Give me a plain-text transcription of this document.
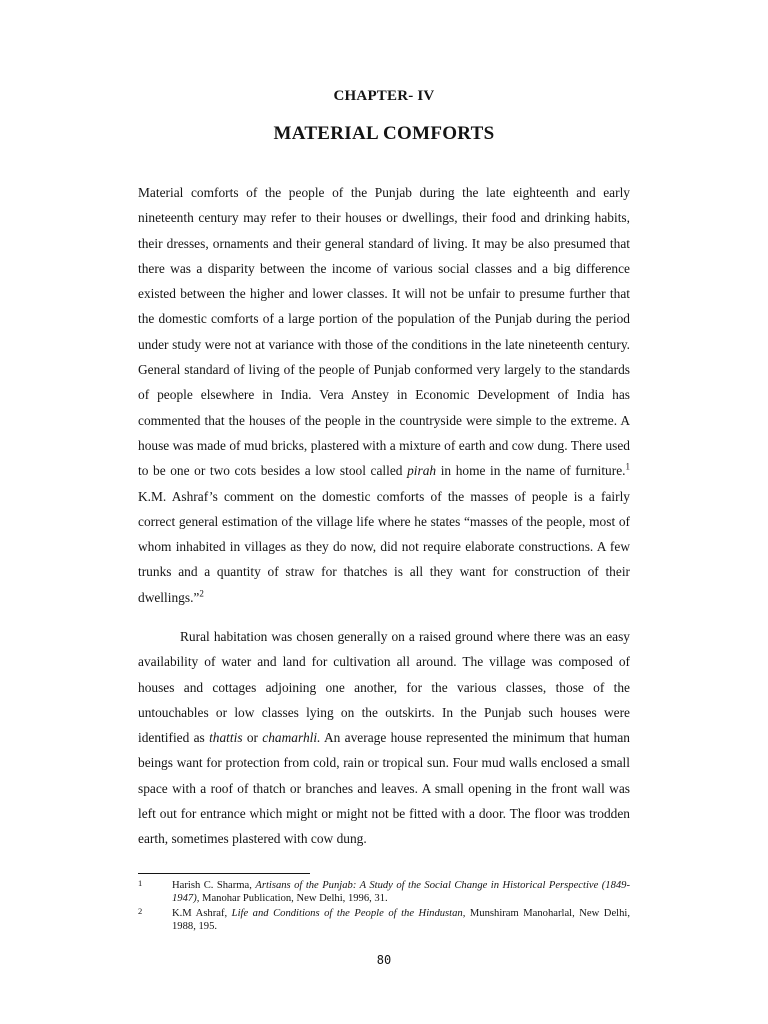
CHAPTER- IV
MATERIAL COMFORTS

Material comforts of the people of the Punjab during the late eighteenth and early nineteenth century may refer to their houses or dwellings, their food and drinking habits, their dresses, ornaments and their general standard of living. It may be also presumed that there was a disparity between the income of various social classes and a big difference existed between the higher and lower classes. It will not be unfair to presume further that the domestic comforts of a large portion of the population of the Punjab during the period under study were not at variance with those of the conditions in the late nineteenth century. General standard of living of the people of Punjab conformed very largely to the standards of people elsewhere in India. Vera Anstey in Economic Development of India has commented that the houses of the people in the countryside were simple to the extreme. A house was made of mud bricks, plastered with a mixture of earth and cow dung. There used to be one or two cots besides a low stool called pirah in home in the name of furniture.$^1$ K.M. Ashraf’s comment on the domestic comforts of the masses of people is a fairly correct general estimation of the village life where he states “masses of the people, most of whom inhabited in villages as they do now, did not require elaborate constructions. A few trunks and a quantity of straw for thatches is all they want for construction of their dwellings.”$^2$

Rural habitation was chosen generally on a raised ground where there was an easy availability of water and land for cultivation all around. The village was composed of houses and cottages adjoining one another, for the various classes, those of the untouchables or low classes lying on the outskirts. In the Punjab such houses were identified as thattis or chamarhli. An average house represented the minimum that human beings want for protection from cold, rain or tropical sun. Four mud walls enclosed a small space with a roof of thatch or branches and leaves. A small opening in the front wall was left out for entrance which might or might not be fitted with a door. The floor was trodden earth, sometimes plastered with cow dung.

1	Harish C. Sharma, Artisans of the Punjab: A Study of the Social Change in Historical Perspective (1849-1947), Manohar Publication, New Delhi, 1996, 31.
2	K.M Ashraf, Life and Conditions of the People of the Hindustan, Munshiram Manoharlal, New Delhi, 1988, 195.
80
